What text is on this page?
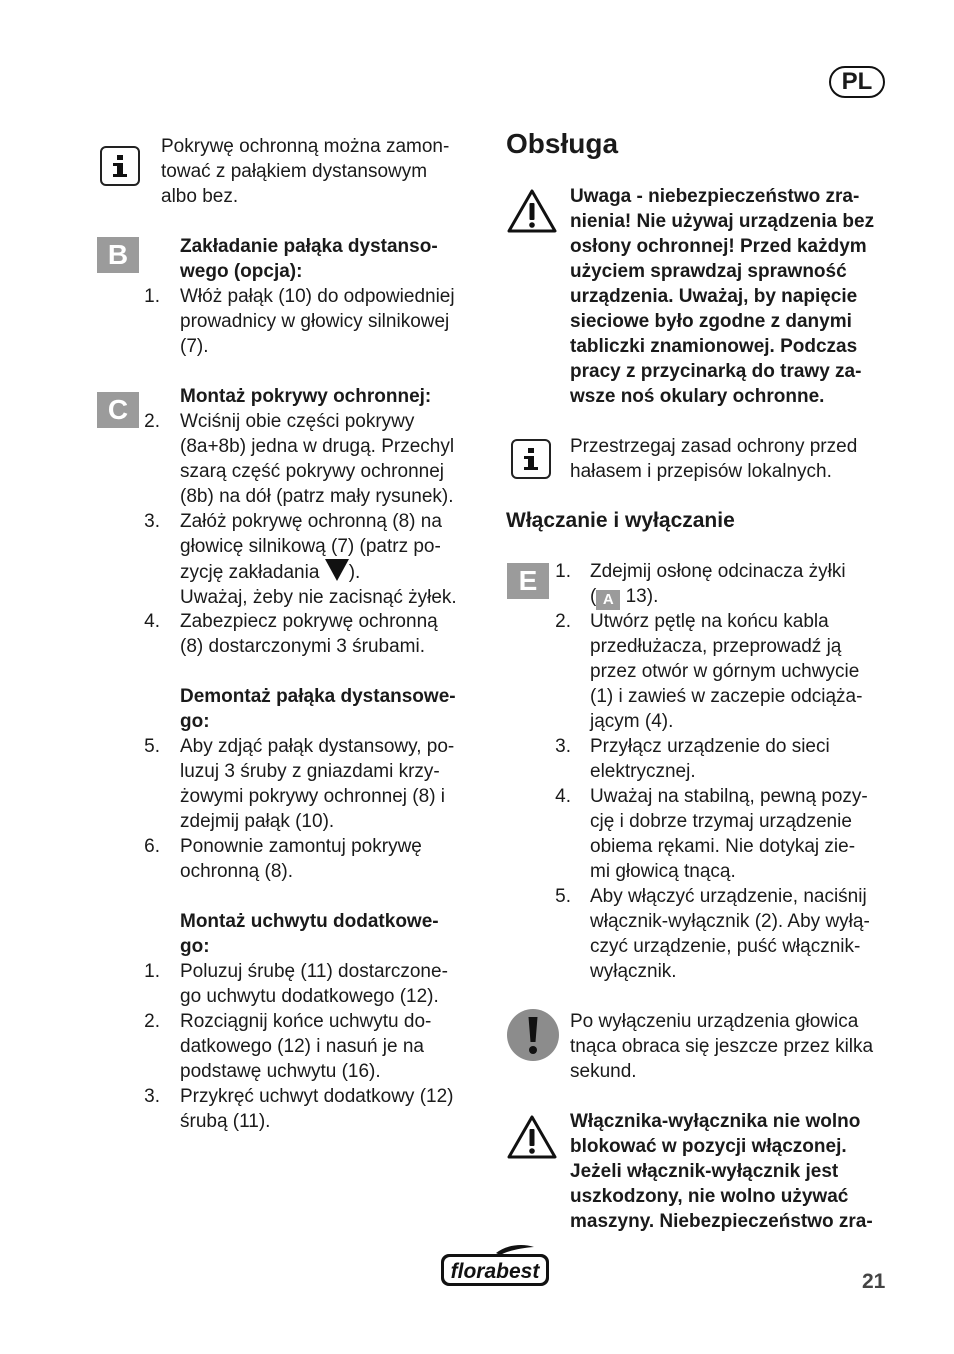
PL
Pokrywę ochronną można zamon-
tować z pałąkiem dystansowym
albo bez.
B	Zakładanie pałąka dystanso-
wego (opcja):
1. Włóż pałąk (10) do odpowiedniej
prowadnicy w głowicy silnikowej
(7).
C	Montaż pokrywy ochronnej:
2. Wciśnij obie części pokrywy
(8a+8b) jedna w drugą. Przechyl
szarą część pokrywy ochronnej
(8b) na dół (patrz mały rysunek).
3. Załóż pokrywę ochronną (8) na
głowicę silnikową (7) (patrz po-
zycję zakładania ).
Uważaj, żeby nie zacisnąć żyłek.
4. Zabezpiecz pokrywę ochronną
(8) dostarczonymi 3 śrubami.
Demontaż pałąka dystansowe-
go:
5. Aby zdjąć pałąk dystansowy, po-
luzuj 3 śruby z gniazdami krzy-
żowymi pokrywy ochronnej (8) i
zdejmij pałąk (10).
6. Ponownie zamontuj pokrywę
ochronną (8).
Montaż uchwytu dodatkowe-
go:
1. Poluzuj śrubę (11) dostarczone-
go uchwytu dodatkowego (12).
2. Rozciągnij końce uchwytu do-
datkowego (12) i nasuń je na
podstawę uchwytu (16).
3. Przykręć uchwyt dodatkowy (12)
śrubą (11).
Obsługa
Uwaga - niebezpieczeństwo zra-
nienia! Nie używaj urządzenia bez
osłony ochronnej! Przed każdym
użyciem sprawdzaj sprawność
urządzenia. Uważaj, by napięcie
sieciowe było zgodne z danymi
tabliczki znamionowej. Podczas
pracy z przycinarką do trawy za-
wsze noś okulary ochronne.
Przestrzegaj zasad ochrony przed
hałasem i przepisów lokalnych.
Włączanie i wyłączanie
E 1. Zdejmij osłonę odcinacza żyłki
( A 13).
2. Utwórz pętlę na końcu kabla
przedłużacza, przeprowadź ją
przez otwór w górnym uchwycie
(1) i zawieś w zaczepie odciąża-
jącym (4).
3. Przyłącz urządzenie do sieci
elektrycznej.
4. Uważaj na stabilną, pewną pozy-
cję i dobrze trzymaj urządzenie
obiema rękami. Nie dotykaj zie-
mi głowicą tnącą.
5. Aby włączyć urządzenie, naciśnij
włącznik-wyłącznik (2). Aby wyłą-
czyć urządzenie, puść włącznik-
wyłącznik.
Po wyłączeniu urządzenia głowica
tnąca obraca się jeszcze przez kilka
sekund.
Włącznika-wyłącznika nie wolno
blokować w pozycji włączonej.
Jeżeli włącznik-wyłącznik jest
uszkodzony, nie wolno używać
maszyny. Niebezpieczeństwo zra-
florabest	21
